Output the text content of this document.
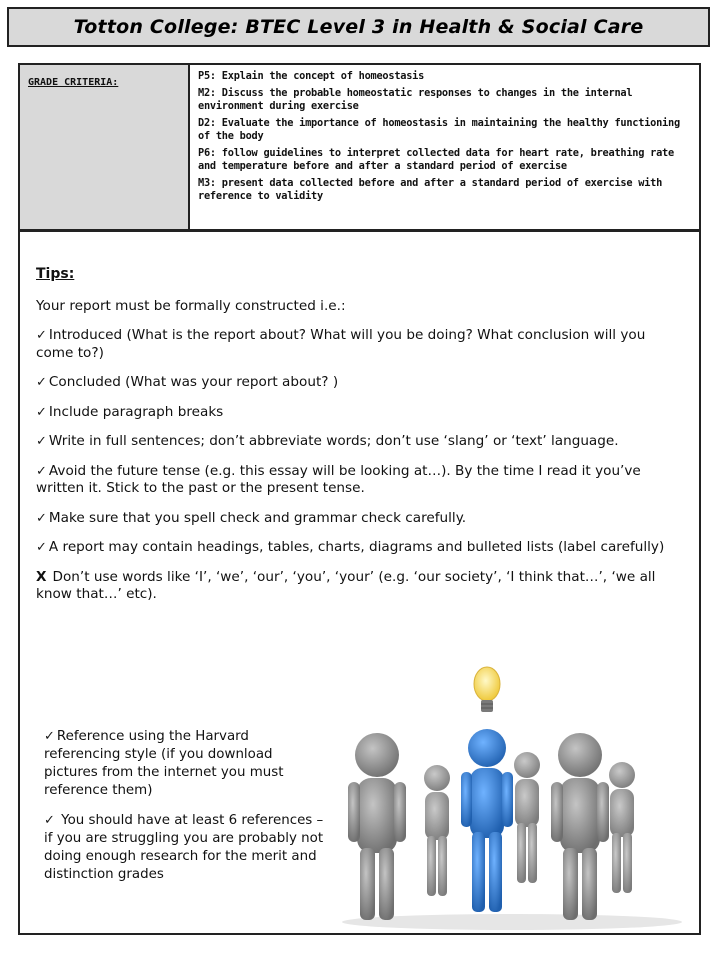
Totton College: BTEC Level 3 in Health & Social Care
GRADE CRITERIA:

P5: Explain the concept of homeostasis

M2: Discuss the probable homeostatic responses to changes in the internal environment during exercise

D2: Evaluate the importance of homeostasis in maintaining the healthy functioning of the body

P6: follow guidelines to interpret collected data for heart rate, breathing rate and temperature before and after a standard period of exercise

M3: present data collected before and after a standard period of exercise with reference to validity

Tips:

Your report must be formally constructed i.e.:

✓ Introduced (What is the report about? What will you be doing? What conclusion will you come to?)

✓ Concluded (What was your report about? )

✓ Include paragraph breaks

✓ Write in full sentences; don’t abbreviate words; don’t use ‘slang’ or ‘text’ language.

✓ Avoid the future tense (e.g. this essay will be looking at…). By the time I read it you’ve written it. Stick to the past or the present tense.

✓ Make sure that you spell check and grammar check carefully.

✓ A report may contain headings, tables, charts, diagrams and bulleted lists (label carefully)

X Don’t use words like ‘I’, ‘we’, ‘our’, ‘you’, ‘your’ (e.g. ‘our society’, ‘I think that…’, ‘we all know that…’ etc).

✓ Reference using the Harvard referencing style (if you download pictures from the internet you must reference them)

✓ You should have at least 6 references – if you are struggling you are probably not doing enough research for the merit and distinction grades
